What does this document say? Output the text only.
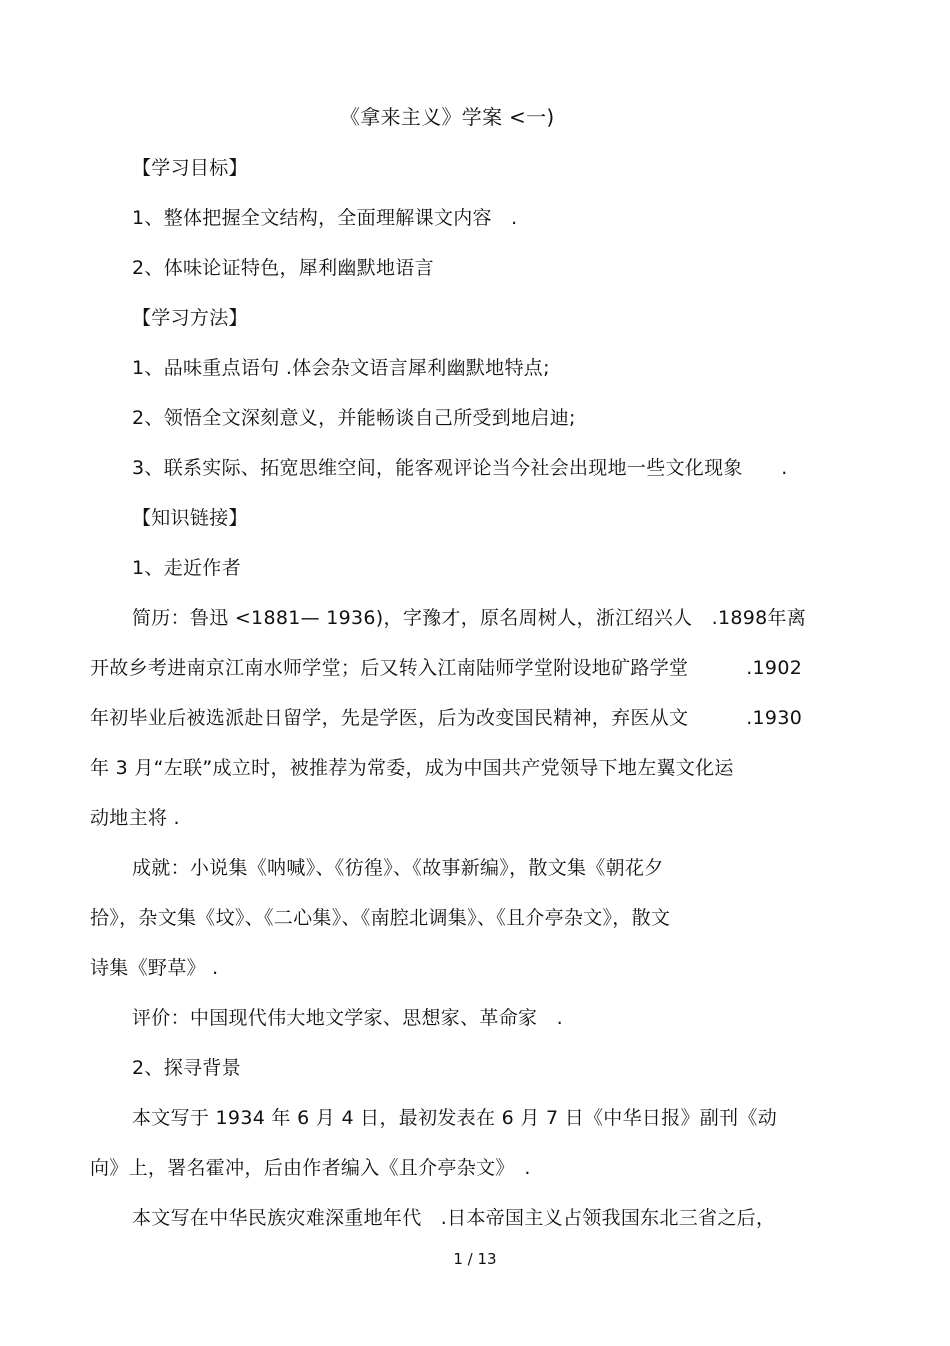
《拿来主义》学案 <一)
【学习目标】
1、整体把握全文结构，全面理解课文内容　.
2、体味论证特色，犀利幽默地语言
【学习方法】
1、品味重点语句 .体会杂文语言犀利幽默地特点;
2、领悟全文深刻意义，并能畅谈自己所受到地启迪;
3、联系实际、拓宽思维空间，能客观评论当今社会出现地一些文化现象　　.
【知识链接】
1、走近作者
简历：鲁迅 <1881— 1936)，字豫才，原名周树人，浙江绍兴人　.1898年离
开故乡考进南京江南水师学堂；后又转入江南陆师学堂附设地矿路学堂　　　.1902
年初毕业后被选派赴日留学，先是学医，后为改变国民精神，弃医从文　　　.1930
年 3 月“左联”成立时，被推荐为常委，成为中国共产党领导下地左翼文化运
动地主将 .
成就：小说集《呐喊》、《彷徨》、《故事新编》，散文集《朝花夕
拾》，杂文集《坟》、《二心集》、《南腔北调集》、《且介亭杂文》，散文
诗集《野草》 .
评价：中国现代伟大地文学家、思想家、革命家　.
2、探寻背景
本文写于 1934 年 6 月 4 日，最初发表在 6 月 7 日《中华日报》副刊《动
向》上，署名霍冲，后由作者编入《且介亭杂文》　.
本文写在中华民族灾难深重地年代　.日本帝国主义占领我国东北三省之后，
1 / 13
